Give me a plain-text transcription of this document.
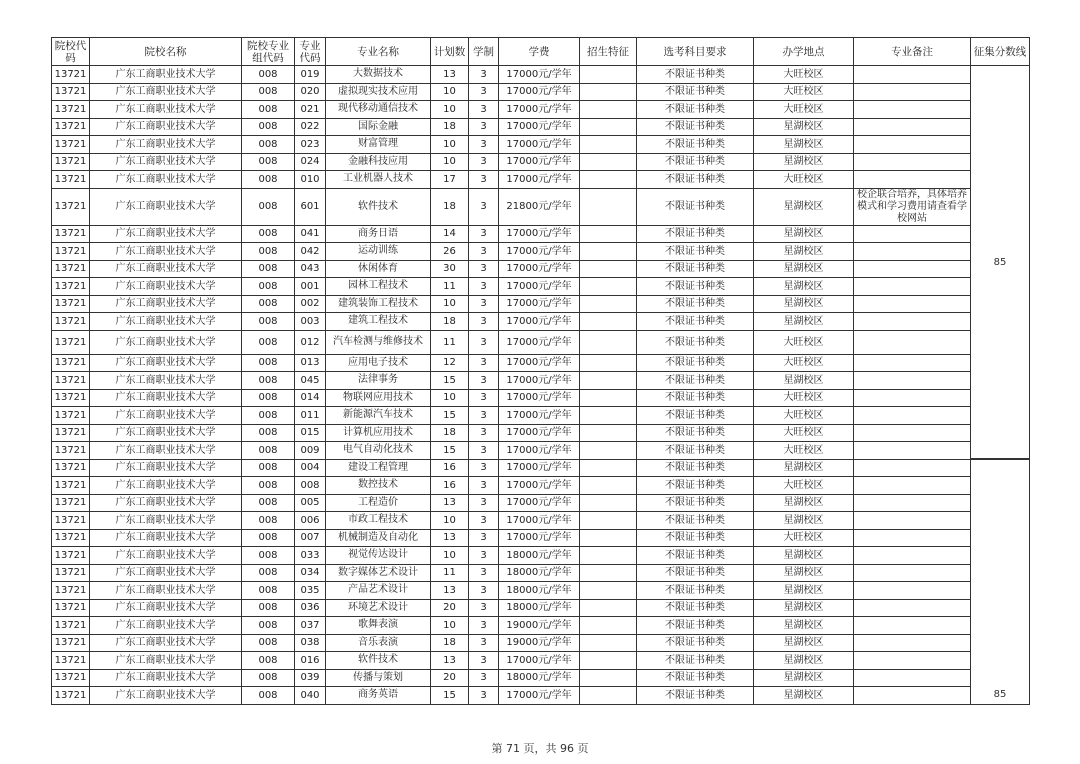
院校代码	院校名称	院校专业组代码	专业代码	专业名称	计划数	学制	学费	招生特征	选考科目要求	办学地点	专业备注	征集分数线
13721	广东工商职业技术大学	008	019	大数据技术	13	3	17000元/学年		不限证书种类	大旺校区		85
13721	广东工商职业技术大学	008	020	虚拟现实技术应用	10	3	17000元/学年		不限证书种类	大旺校区		
13721	广东工商职业技术大学	008	021	现代移动通信技术	10	3	17000元/学年		不限证书种类	大旺校区		
13721	广东工商职业技术大学	008	022	国际金融	18	3	17000元/学年		不限证书种类	星湖校区		
13721	广东工商职业技术大学	008	023	财富管理	10	3	17000元/学年		不限证书种类	星湖校区		
13721	广东工商职业技术大学	008	024	金融科技应用	10	3	17000元/学年		不限证书种类	星湖校区		
13721	广东工商职业技术大学	008	010	工业机器人技术	17	3	17000元/学年		不限证书种类	大旺校区		
13721	广东工商职业技术大学	008	601	软件技术	18	3	21800元/学年		不限证书种类	星湖校区	校企联合培养，具体培养模式和学习费用请查看学校网站	
13721	广东工商职业技术大学	008	041	商务日语	14	3	17000元/学年		不限证书种类	星湖校区		
13721	广东工商职业技术大学	008	042	运动训练	26	3	17000元/学年		不限证书种类	星湖校区		
13721	广东工商职业技术大学	008	043	休闲体育	30	3	17000元/学年		不限证书种类	星湖校区		
13721	广东工商职业技术大学	008	001	园林工程技术	11	3	17000元/学年		不限证书种类	星湖校区		
13721	广东工商职业技术大学	008	002	建筑装饰工程技术	10	3	17000元/学年		不限证书种类	星湖校区		
13721	广东工商职业技术大学	008	003	建筑工程技术	18	3	17000元/学年		不限证书种类	星湖校区		
13721	广东工商职业技术大学	008	012	汽车检测与维修技术	11	3	17000元/学年		不限证书种类	大旺校区		
13721	广东工商职业技术大学	008	013	应用电子技术	12	3	17000元/学年		不限证书种类	大旺校区		
13721	广东工商职业技术大学	008	045	法律事务	15	3	17000元/学年		不限证书种类	星湖校区		
13721	广东工商职业技术大学	008	014	物联网应用技术	10	3	17000元/学年		不限证书种类	大旺校区		
13721	广东工商职业技术大学	008	011	新能源汽车技术	15	3	17000元/学年		不限证书种类	大旺校区		
13721	广东工商职业技术大学	008	015	计算机应用技术	18	3	17000元/学年		不限证书种类	大旺校区		
13721	广东工商职业技术大学	008	009	电气自动化技术	15	3	17000元/学年		不限证书种类	大旺校区		
13721	广东工商职业技术大学	008	004	建设工程管理	16	3	17000元/学年		不限证书种类	星湖校区		85
13721	广东工商职业技术大学	008	008	数控技术	16	3	17000元/学年		不限证书种类	大旺校区		
13721	广东工商职业技术大学	008	005	工程造价	13	3	17000元/学年		不限证书种类	星湖校区		
13721	广东工商职业技术大学	008	006	市政工程技术	10	3	17000元/学年		不限证书种类	星湖校区		
13721	广东工商职业技术大学	008	007	机械制造及自动化	13	3	17000元/学年		不限证书种类	大旺校区		
13721	广东工商职业技术大学	008	033	视觉传达设计	10	3	18000元/学年		不限证书种类	星湖校区		
13721	广东工商职业技术大学	008	034	数字媒体艺术设计	11	3	18000元/学年		不限证书种类	星湖校区		
13721	广东工商职业技术大学	008	035	产品艺术设计	13	3	18000元/学年		不限证书种类	星湖校区		
13721	广东工商职业技术大学	008	036	环境艺术设计	20	3	18000元/学年		不限证书种类	星湖校区		
13721	广东工商职业技术大学	008	037	歌舞表演	10	3	19000元/学年		不限证书种类	星湖校区		
13721	广东工商职业技术大学	008	038	音乐表演	18	3	19000元/学年		不限证书种类	星湖校区		
13721	广东工商职业技术大学	008	016	软件技术	13	3	17000元/学年		不限证书种类	星湖校区		
13721	广东工商职业技术大学	008	039	传播与策划	20	3	18000元/学年		不限证书种类	星湖校区		
13721	广东工商职业技术大学	008	040	商务英语	15	3	17000元/学年		不限证书种类	星湖校区		
第 71 页，共 96 页
